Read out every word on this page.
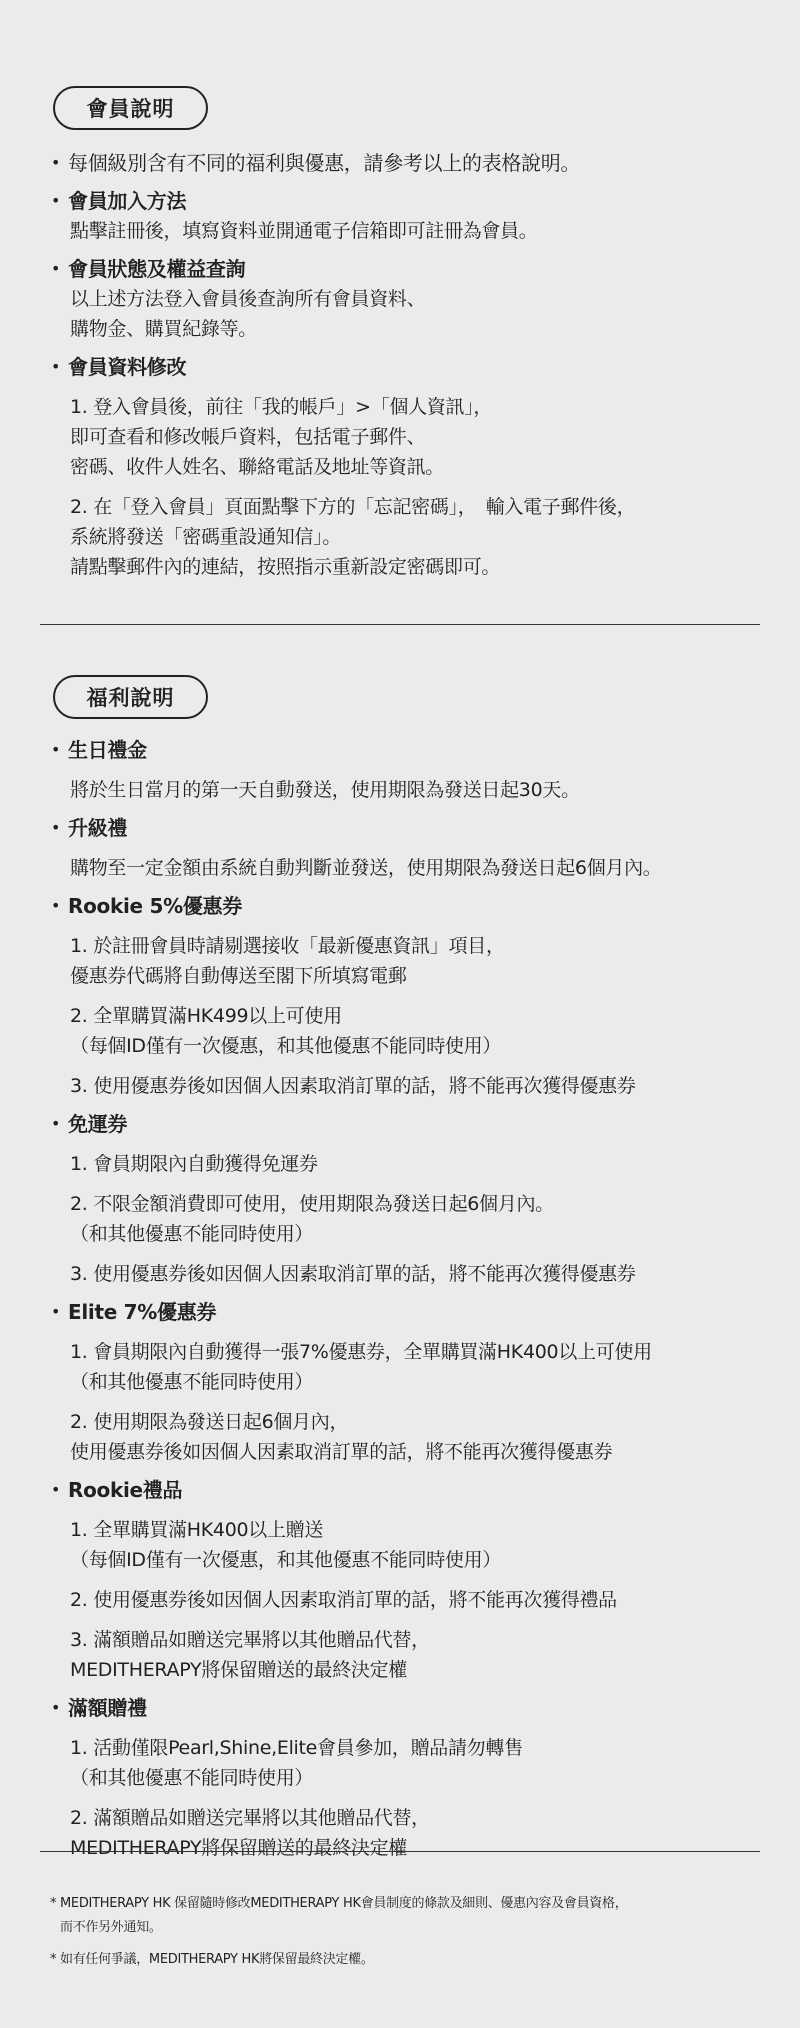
會員說明
• 每個級別含有不同的福利與優惠，請參考以上的表格說明。
• 會員加入方法
點擊註冊後，填寫資料並開通電子信箱即可註冊為會員。
• 會員狀態及權益查詢
以上述方法登入會員後查詢所有會員資料、
購物金、購買紀錄等。
• 會員資料修改
1. 登入會員後，前往「我的帳戶」>「個人資訊」，
即可查看和修改帳戶資料，包括電子郵件、
密碼、收件人姓名、聯絡電話及地址等資訊。
2. 在「登入會員」頁面點擊下方的「忘記密碼」，　輸入電子郵件後，
系統將發送「密碼重設通知信」。
請點擊郵件內的連結，按照指示重新設定密碼即可。
福利說明
• 生日禮金
將於生日當月的第一天自動發送，使用期限為發送日起30天。
• 升級禮
購物至一定金額由系統自動判斷並發送，使用期限為發送日起6個月內。
• Rookie 5%優惠券
1. 於註冊會員時請剔選接收「最新優惠資訊」項目，
優惠券代碼將自動傳送至閣下所填寫電郵
2. 全單購買滿HK499以上可使用
（每個ID僅有一次優惠，和其他優惠不能同時使用）
3. 使用優惠券後如因個人因素取消訂單的話，將不能再次獲得優惠券
• 免運券
1. 會員期限內自動獲得免運券
2. 不限金額消費即可使用，使用期限為發送日起6個月內。
（和其他優惠不能同時使用）
3. 使用優惠券後如因個人因素取消訂單的話，將不能再次獲得優惠券
• Elite 7%優惠券
1. 會員期限內自動獲得一張7%優惠券，全單購買滿HK400以上可使用
（和其他優惠不能同時使用）
2. 使用期限為發送日起6個月內，
使用優惠券後如因個人因素取消訂單的話，將不能再次獲得優惠券
• Rookie禮品
1. 全單購買滿HK400以上贈送
（每個ID僅有一次優惠，和其他優惠不能同時使用）
2. 使用優惠券後如因個人因素取消訂單的話，將不能再次獲得禮品
3. 滿額贈品如贈送完畢將以其他贈品代替，
MEDITHERAPY將保留贈送的最終決定權
• 滿額贈禮
1. 活動僅限Pearl,Shine,Elite會員參加，贈品請勿轉售
（和其他優惠不能同時使用）
2. 滿額贈品如贈送完畢將以其他贈品代替，
MEDITHERAPY將保留贈送的最終決定權
* MEDITHERAPY HK 保留隨時修改MEDITHERAPY HK會員制度的條款及細則、優惠內容及會員資格，
而不作另外通知。
* 如有任何爭議，MEDITHERAPY HK將保留最終決定權。
